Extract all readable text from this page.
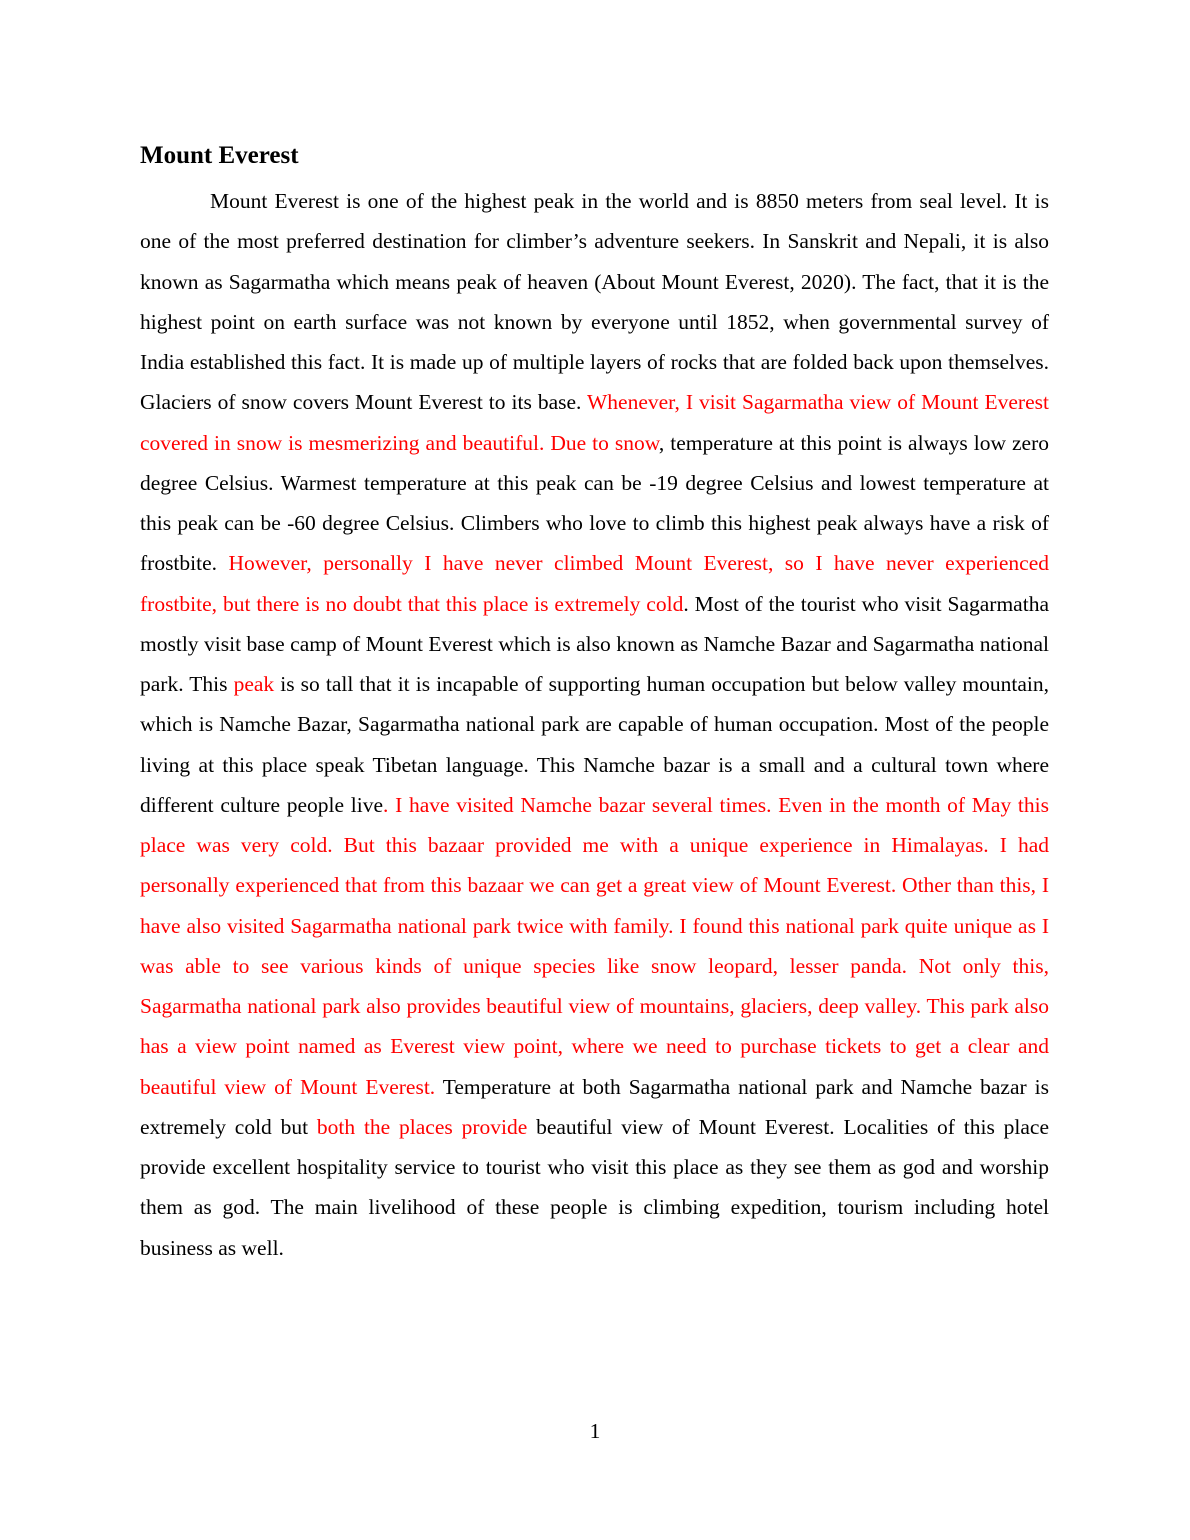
Mount Everest

Mount Everest is one of the highest peak in the world and is 8850 meters from seal level. It is one of the most preferred destination for climber’s adventure seekers. In Sanskrit and Nepali, it is also known as Sagarmatha which means peak of heaven (About Mount Everest, 2020). The fact, that it is the highest point on earth surface was not known by everyone until 1852, when governmental survey of India established this fact. It is made up of multiple layers of rocks that are folded back upon themselves. Glaciers of snow covers Mount Everest to its base. Whenever, I visit Sagarmatha view of Mount Everest covered in snow is mesmerizing and beautiful. Due to snow, temperature at this point is always low zero degree Celsius. Warmest temperature at this peak can be -19 degree Celsius and lowest temperature at this peak can be -60 degree Celsius. Climbers who love to climb this highest peak always have a risk of frostbite. However, personally I have never climbed Mount Everest, so I have never experienced frostbite, but there is no doubt that this place is extremely cold. Most of the tourist who visit Sagarmatha mostly visit base camp of Mount Everest which is also known as Namche Bazar and Sagarmatha national park. This peak is so tall that it is incapable of supporting human occupation but below valley mountain, which is Namche Bazar, Sagarmatha national park are capable of human occupation. Most of the people living at this place speak Tibetan language. This Namche bazar is a small and a cultural town where different culture people live. I have visited Namche bazar several times. Even in the month of May this place was very cold. But this bazaar provided me with a unique experience in Himalayas. I had personally experienced that from this bazaar we can get a great view of Mount Everest. Other than this, I have also visited Sagarmatha national park twice with family. I found this national park quite unique as I was able to see various kinds of unique species like snow leopard, lesser panda. Not only this, Sagarmatha national park also provides beautiful view of mountains, glaciers, deep valley. This park also has a view point named as Everest view point, where we need to purchase tickets to get a clear and beautiful view of Mount Everest. Temperature at both Sagarmatha national park and Namche bazar is extremely cold but both the places provide beautiful view of Mount Everest. Localities of this place provide excellent hospitality service to tourist who visit this place as they see them as god and worship them as god. The main livelihood of these people is climbing expedition, tourism including hotel business as well.

1
